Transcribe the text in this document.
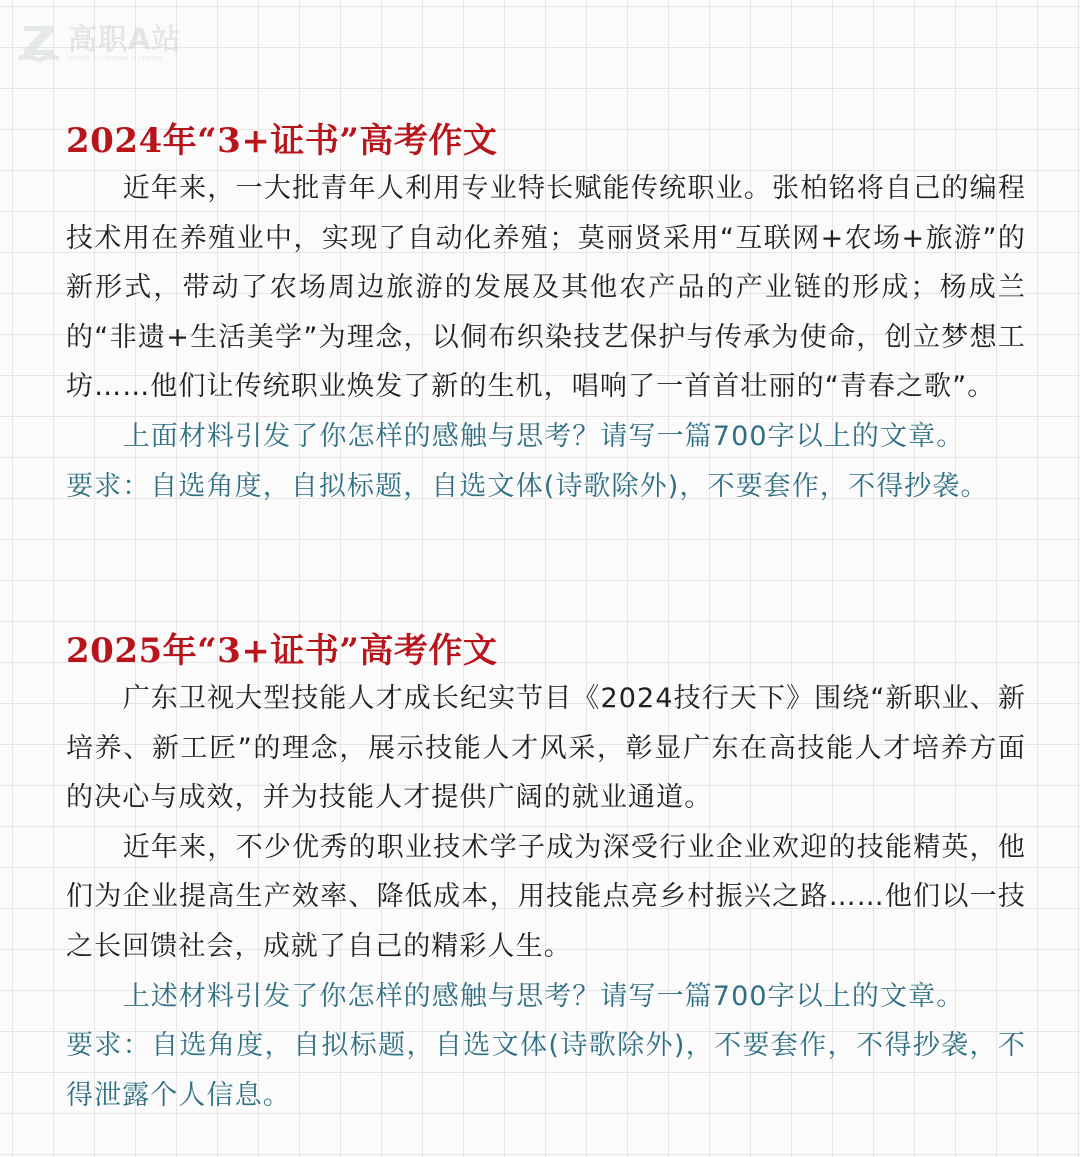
高职A站
HIGHER VOCATIONAL A STATION
2024年“3+证书”高考作文

近年来，一大批青年人利用专业特长赋能传统职业。张柏铭将自己的编程技术用在养殖业中，实现了自动化养殖；莫丽贤采用“互联网+农场+旅游”的新形式，带动了农场周边旅游的发展及其他农产品的产业链的形成；杨成兰的“非遗+生活美学”为理念，以侗布织染技艺保护与传承为使命，创立梦想工坊……他们让传统职业焕发了新的生机，唱响了一首首壮丽的“青春之歌”。

上面材料引发了你怎样的感触与思考？请写一篇700字以上的文章。

要求：自选角度，自拟标题，自选文体(诗歌除外)，不要套作，不得抄袭。

2025年“3+证书”高考作文

广东卫视大型技能人才成长纪实节目《2024技行天下》围绕“新职业、新培养、新工匠”的理念，展示技能人才风采，彰显广东在高技能人才培养方面的决心与成效，并为技能人才提供广阔的就业通道。

近年来，不少优秀的职业技术学子成为深受行业企业欢迎的技能精英，他们为企业提高生产效率、降低成本，用技能点亮乡村振兴之路……他们以一技之长回馈社会，成就了自己的精彩人生。

上述材料引发了你怎样的感触与思考？请写一篇700字以上的文章。

要求：自选角度，自拟标题，自选文体(诗歌除外)，不要套作，不得抄袭，不得泄露个人信息。
